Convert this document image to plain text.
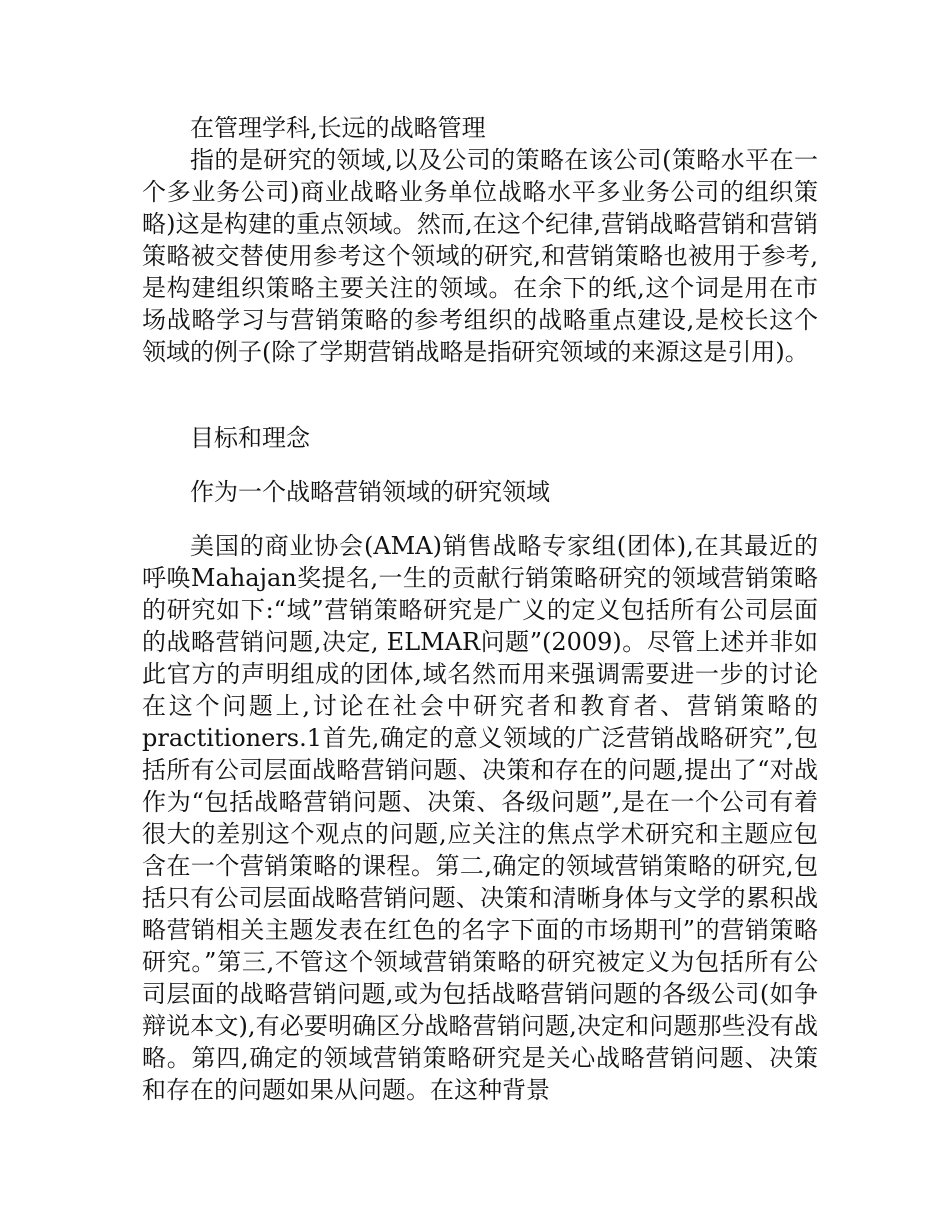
在管理学科,长远的战略管理

指的是研究的领域,以及公司的策略在该公司(策略水平在一个多业务公司)商业战略业务单位战略水平多业务公司的组织策略)这是构建的重点领域。然而,在这个纪律,营销战略营销和营销策略被交替使用参考这个领域的研究,和营销策略也被用于参考,是构建组织策略主要关注的领域。在余下的纸,这个词是用在市场战略学习与营销策略的参考组织的战略重点建设,是校长这个领域的例子(除了学期营销战略是指研究领域的来源这是引用)。

目标和理念

作为一个战略营销领域的研究领域

美国的商业协会(AMA)销售战略专家组(团体),在其最近的呼唤Mahajan奖提名,一生的贡献行销策略研究的领域营销策略的研究如下:“域”营销策略研究是广义的定义包括所有公司层面的战略营销问题,决定, ELMAR问题”(2009)。尽管上述并非如此官方的声明组成的团体,域名然而用来强调需要进一步的讨论在这个问题上,讨论在社会中研究者和教育者、营销策略的practitioners.1首先,确定的意义领域的广泛营销战略研究”,包括所有公司层面战略营销问题、决策和存在的问题,提出了“对战作为“包括战略营销问题、决策、各级问题”,是在一个公司有着很大的差别这个观点的问题,应关注的焦点学术研究和主题应包含在一个营销策略的课程。第二,确定的领域营销策略的研究,包括只有公司层面战略营销问题、决策和清晰身体与文学的累积战略营销相关主题发表在红色的名字下面的市场期刊”的营销策略研究。”第三,不管这个领域营销策略的研究被定义为包括所有公司层面的战略营销问题,或为包括战略营销问题的各级公司(如争辩说本文),有必要明确区分战略营销问题,决定和问题那些没有战略。第四,确定的领域营销策略研究是关心战略营销问题、决策和存在的问题如果从问题。在这种背景
